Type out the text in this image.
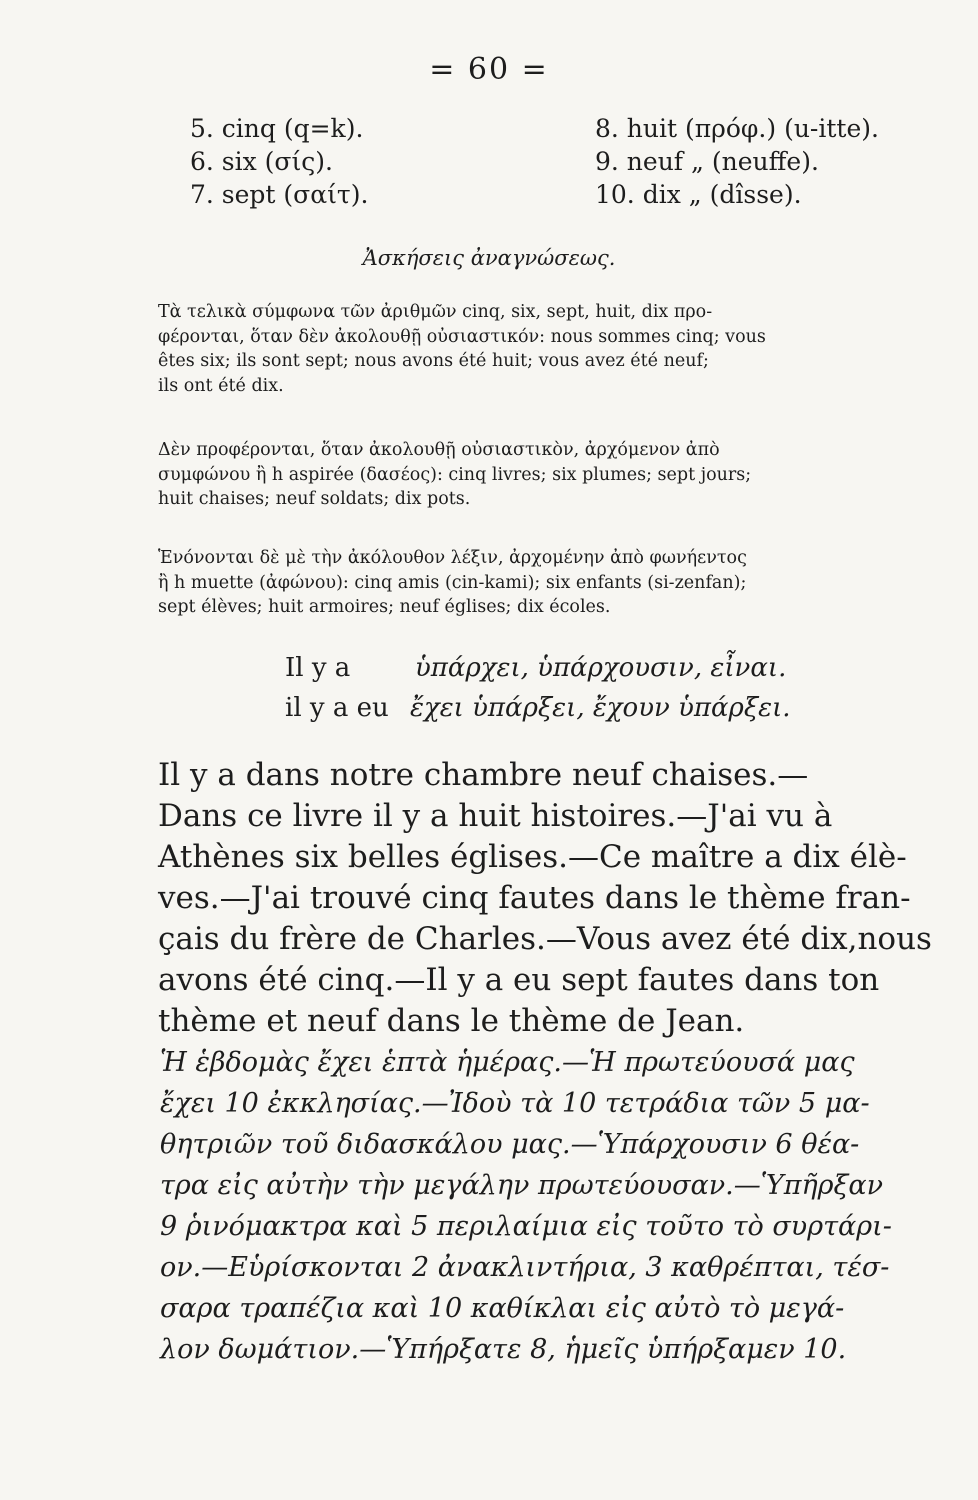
= 60 =
5. cinq (q=k).	8. huit (πρόφ.) (u-itte).
6. six (σίς).	9. neuf „ (neuffe).
7. sept (σαίτ).	10. dix „ (dîsse).
Ἀσκήσεις ἀναγνώσεως.
Τὰ τελικὰ σύμφωνα τῶν ἀριθμῶν cinq, six, sept, huit, dix προ-
φέρονται, ὅταν δὲν ἀκολουθῇ οὐσιαστικόν: nous sommes cinq; vous
êtes six; ils sont sept; nous avons été huit; vous avez été neuf;
ils ont été dix.
Δὲν προφέρονται, ὅταν ἀκολουθῇ οὐσιαστικὸν, ἀρχόμενον ἀπὸ
συμφώνου ἢ h aspirée (δασέος): cinq livres; six plumes; sept jours;
huit chaises; neuf soldats; dix pots.
Ἑνόνονται δὲ μὲ τὴν ἀκόλουθον λέξιν, ἀρχομένην ἀπὸ φωνήεντος
ἢ h muette (ἀφώνου): cinq amis (cin-kami); six enfants (si-zenfan);
sept élèves; huit armoires; neuf églises; dix écoles.
Il y a ὑπάρχει, ὑπάρχουσιν, εἶναι.
il y a eu ἔχει ὑπάρξει, ἔχουν ὑπάρξει.
Il y a dans notre chambre neuf chaises.—
Dans ce livre il y a huit histoires.—J'ai vu à
Athènes six belles églises.—Ce maître a dix élè-
ves.—J'ai trouvé cinq fautes dans le thème fran-
çais du frère de Charles.—Vous avez été dix,nous
avons été cinq.—Il y a eu sept fautes dans ton
thème et neuf dans le thème de Jean.
Ἡ ἑβδομὰς ἔχει ἑπτὰ ἡμέρας.—Ἡ πρωτεύουσά μας
ἔχει 10 ἐκκλησίας.—Ἰδοὺ τὰ 10 τετράδια τῶν 5 μα-
θητριῶν τοῦ διδασκάλου μας.—Ὑπάρχουσιν 6 θέα-
τρα εἰς αὐτὴν τὴν μεγάλην πρωτεύουσαν.—Ὑπῆρξαν
9 ῥινόμακτρα καὶ 5 περιλαίμια εἰς τοῦτο τὸ συρτάρι-
ον.—Εὑρίσκονται 2 ἀνακλιντήρια, 3 καθρέπται, τέσ-
σαρα τραπέζια καὶ 10 καθίκλαι εἰς αὐτὸ τὸ μεγά-
λον δωμάτιον.—Ὑπήρξατε 8, ἡμεῖς ὑπήρξαμεν 10.
